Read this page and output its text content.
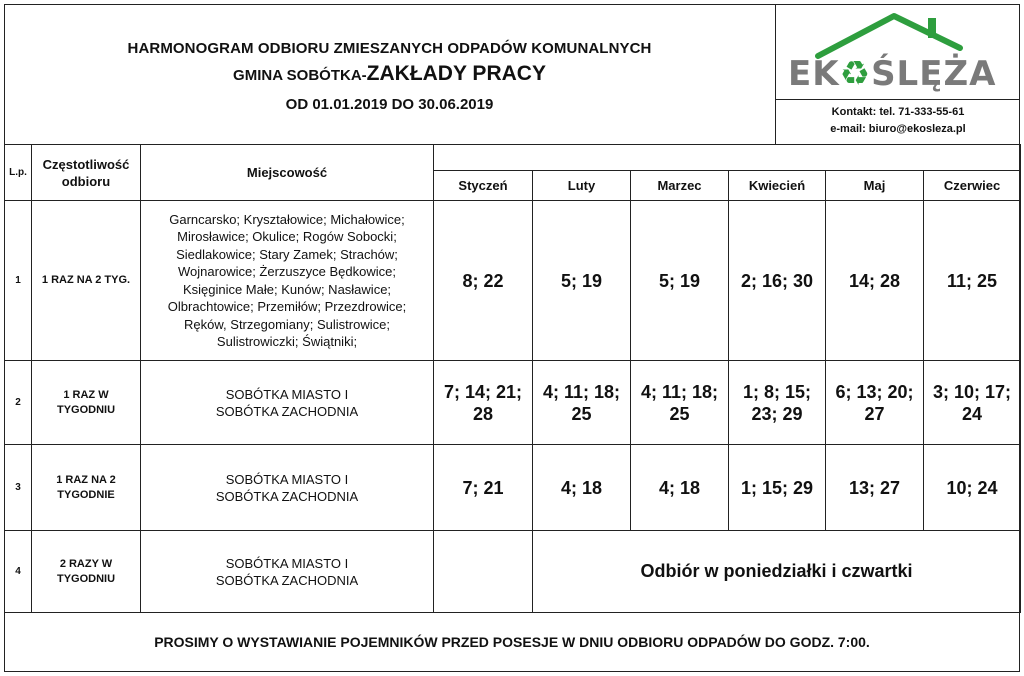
HARMONOGRAM ODBIORU ZMIESZANYCH ODPADÓW KOMUNALNYCH
GMINA SOBÓTKA-ZAKŁADY PRACY
OD 01.01.2019 DO 30.06.2019
EK♻ŚLĘŻA
Kontakt: tel. 71-333-55-61
e-mail: biuro@ekosleza.pl
L.p.	Częstotliwość odbioru	Miejscowość						
			Styczeń	Luty	Marzec	Kwiecień	Maj	Czerwiec
1	1 RAZ NA 2 TYG.	Garncarsko; Kryształowice; Michałowice; Mirosławice; Okulice; Rogów Sobocki; Siedlakowice; Stary Zamek; Strachów; Wojnarowice; Żerzuszyce Będkowice; Księginice Małe; Kunów; Nasławice; Olbrachtowice; Przemiłów; Przezdrowice; Ręków, Strzegomiany; Sulistrowice; Sulistrowiczki; Świątniki;	8; 22	5; 19	5; 19	2; 16; 30	14; 28	11; 25
2	1 RAZ W TYGODNIU	SOBÓTKA MIASTO I SOBÓTKA ZACHODNIA	7; 14; 21; 28	4; 11; 18; 25	4; 11; 18; 25	1; 8; 15; 23; 29	6; 13; 20; 27	3; 10; 17; 24
3	1 RAZ NA 2 TYGODNIE	SOBÓTKA MIASTO I SOBÓTKA ZACHODNIA	7; 21	4; 18	4; 18	1; 15; 29	13; 27	10; 24
4	2 RAZY W TYGODNIU	SOBÓTKA MIASTO I SOBÓTKA ZACHODNIA		Odbiór w poniedziałki i czwartki				
PROSIMY O WYSTAWIANIE POJEMNIKÓW PRZED POSESJE W DNIU ODBIORU ODPADÓW DO GODZ. 7:00.
